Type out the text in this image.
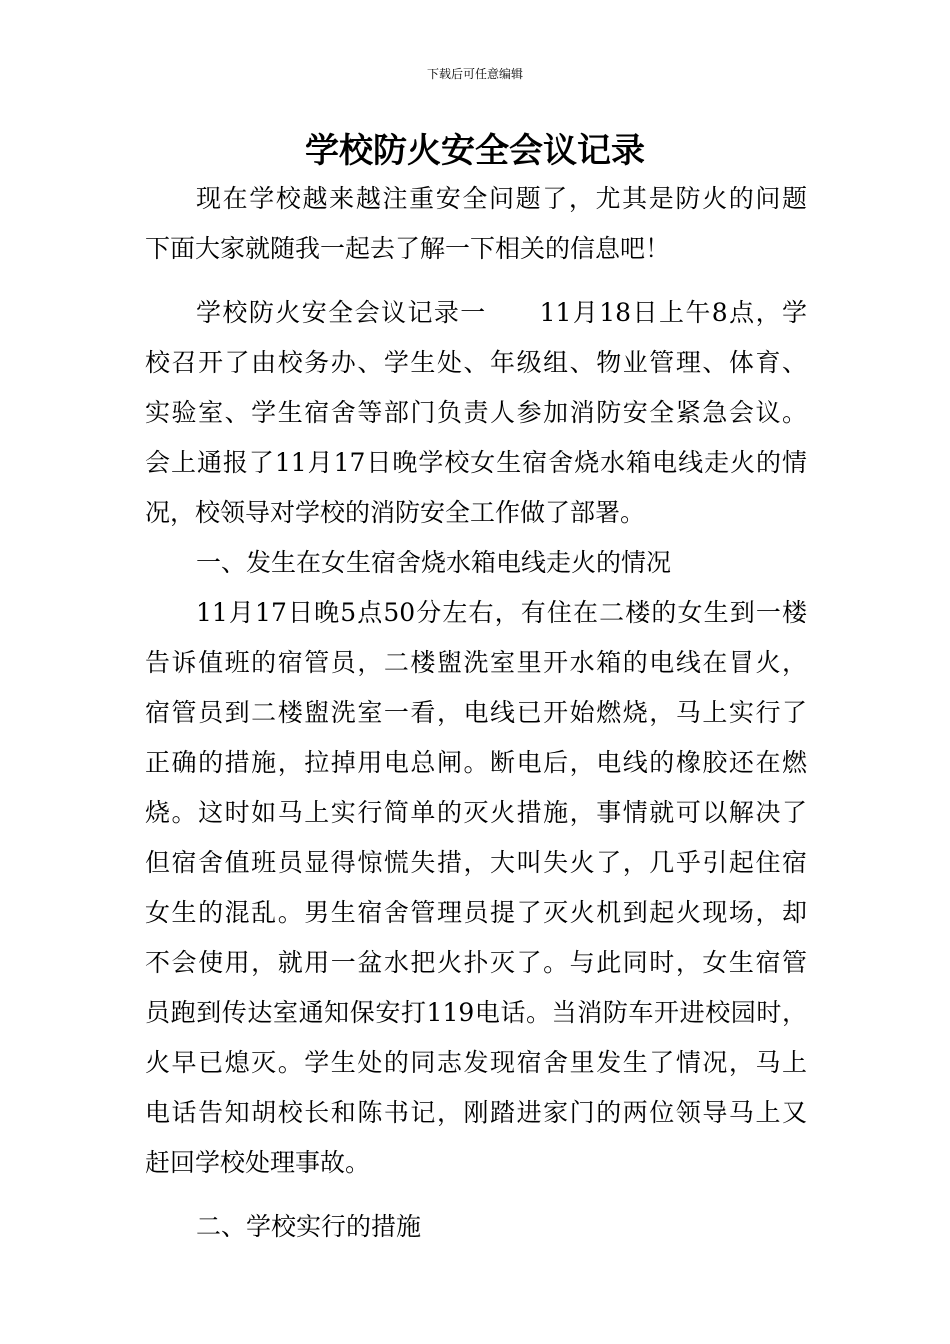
下载后可任意编辑
学校防火安全会议记录
现在学校越来越注重安全问题了，尤其是防火的问题
下面大家就随我一起去了解一下相关的信息吧！
学校防火安全会议记录一　　11月18日上午8点，学
校召开了由校务办、学生处、年级组、物业管理、体育、
实验室、学生宿舍等部门负责人参加消防安全紧急会议。
会上通报了11月17日晚学校女生宿舍烧水箱电线走火的情
况，校领导对学校的消防安全工作做了部署。
一、发生在女生宿舍烧水箱电线走火的情况
11月17日晚5点50分左右，有住在二楼的女生到一楼
告诉值班的宿管员，二楼盥洗室里开水箱的电线在冒火，
宿管员到二楼盥洗室一看，电线已开始燃烧，马上实行了
正确的措施，拉掉用电总闸。断电后，电线的橡胶还在燃
烧。这时如马上实行简单的灭火措施，事情就可以解决了
但宿舍值班员显得惊慌失措，大叫失火了，几乎引起住宿
女生的混乱。男生宿舍管理员提了灭火机到起火现场，却
不会使用，就用一盆水把火扑灭了。与此同时，女生宿管
员跑到传达室通知保安打119电话。当消防车开进校园时，
火早已熄灭。学生处的同志发现宿舍里发生了情况，马上
电话告知胡校长和陈书记，刚踏进家门的两位领导马上又
赶回学校处理事故。
二、学校实行的措施
